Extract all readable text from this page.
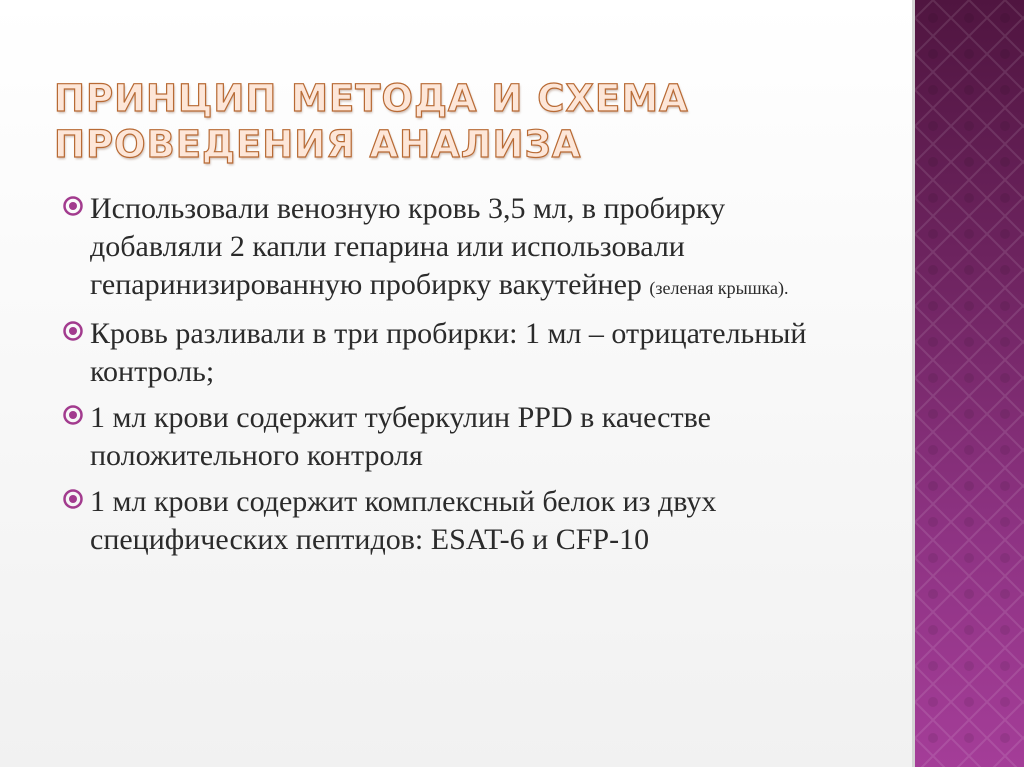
ПРИНЦИП МЕТОДА И СХЕМА
ПРОВЕДЕНИЯ АНАЛИЗА
Использовали венозную кровь 3,5 мл, в пробирку добавляли 2 капли гепарина или использовали гепаринизированную пробирку вакутейнер (зеленая крышка).
Кровь разливали в три пробирки: 1 мл – отрицательный контроль;
1 мл крови содержит туберкулин PPD в качестве положительного контроля
1 мл крови содержит комплексный белок из двух специфических пептидов: ESAT-6 и CFP-10
